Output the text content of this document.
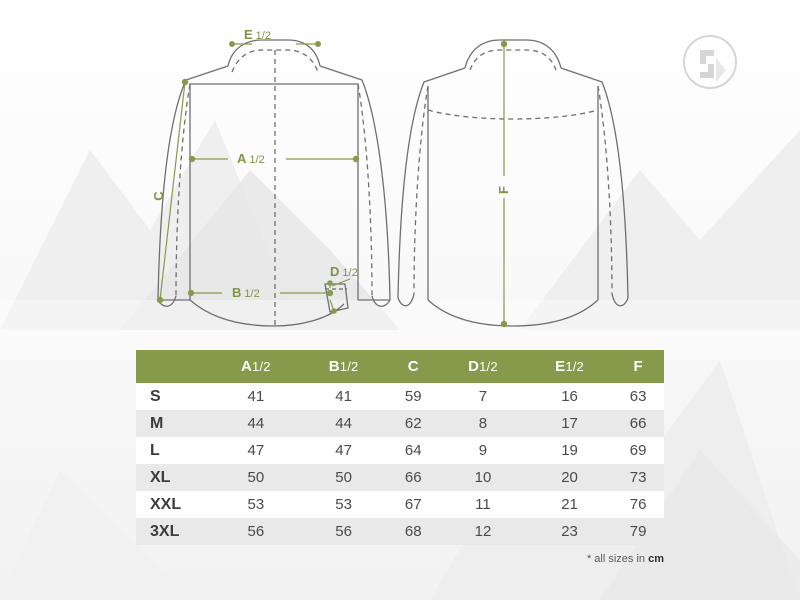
E 1/2
A 1/2
C
B 1/2
D 1/2
F
	A1/2	B1/2	C	D1/2	E1/2	F
S	41	41	59	7	16	63
M	44	44	62	8	17	66
L	47	47	64	9	19	69
XL	50	50	66	10	20	73
XXL	53	53	67	11	21	76
3XL	56	56	68	12	23	79
* all sizes in cm
